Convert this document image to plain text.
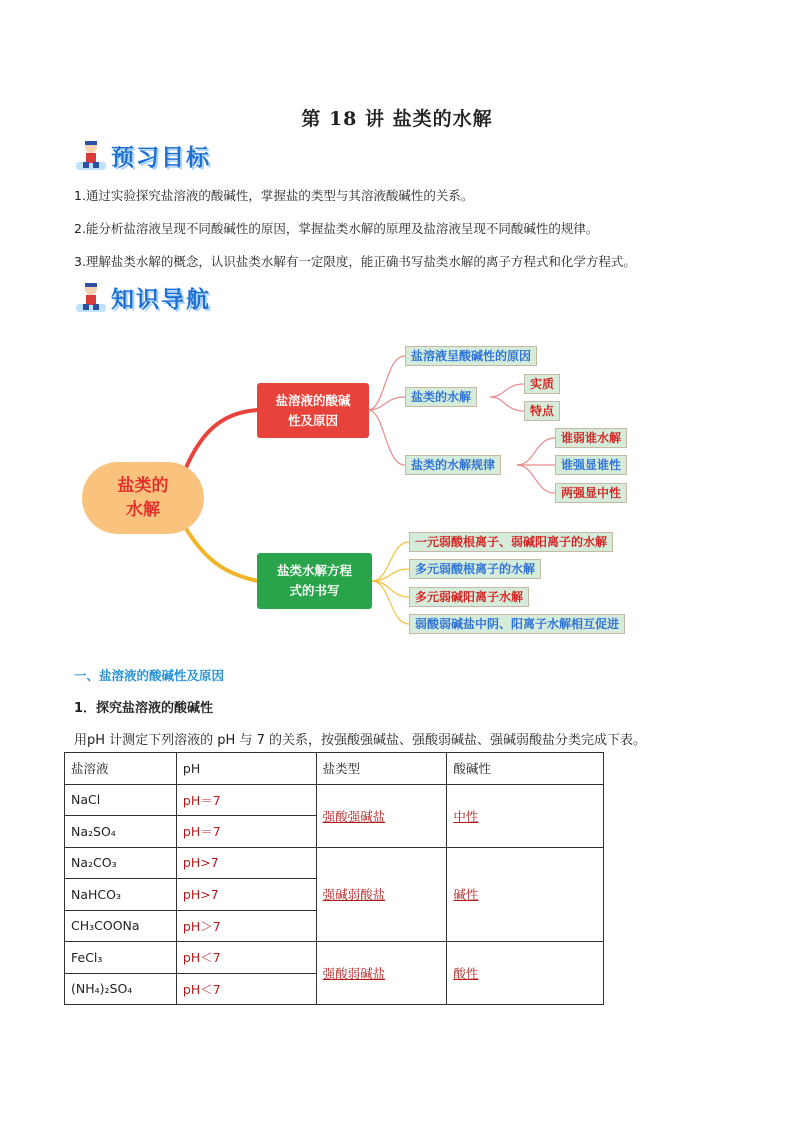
第 18 讲 盐类的水解
预习目标
1.通过实验探究盐溶液的酸碱性，掌握盐的类型与其溶液酸碱性的关系。
2.能分析盐溶液呈现不同酸碱性的原因，掌握盐类水解的原理及盐溶液呈现不同酸碱性的规律。
3.理解盐类水解的概念，认识盐类水解有一定限度，能正确书写盐类水解的离子方程式和化学方程式。
知识导航
盐类的水解
盐溶液的酸碱性及原因
盐类水解方程式的书写
盐溶液呈酸碱性的原因
盐类的水解
盐类的水解规律
实质
特点
谁弱谁水解
谁强显谁性
两强显中性
一元弱酸根离子、弱碱阳离子的水解
多元弱酸根离子的水解
多元弱碱阳离子水解
弱酸弱碱盐中阴、阳离子水解相互促进
一、盐溶液的酸碱性及原因
1．探究盐溶液的酸碱性
用pH 计测定下列溶液的 pH 与 7 的关系，按强酸强碱盐、强酸弱碱盐、强碱弱酸盐分类完成下表。
盐溶液	pH	盐类型	酸碱性
NaCl	pH＝7	强酸强碱盐	中性
Na₂SO₄	pH＝7		
Na₂CO₃	pH>7	强碱弱酸盐	碱性
NaHCO₃	pH>7		
CH₃COONa	pH＞7		
FeCl₃	pH＜7	强酸弱碱盐	酸性
(NH₄)₂SO₄	pH＜7		
